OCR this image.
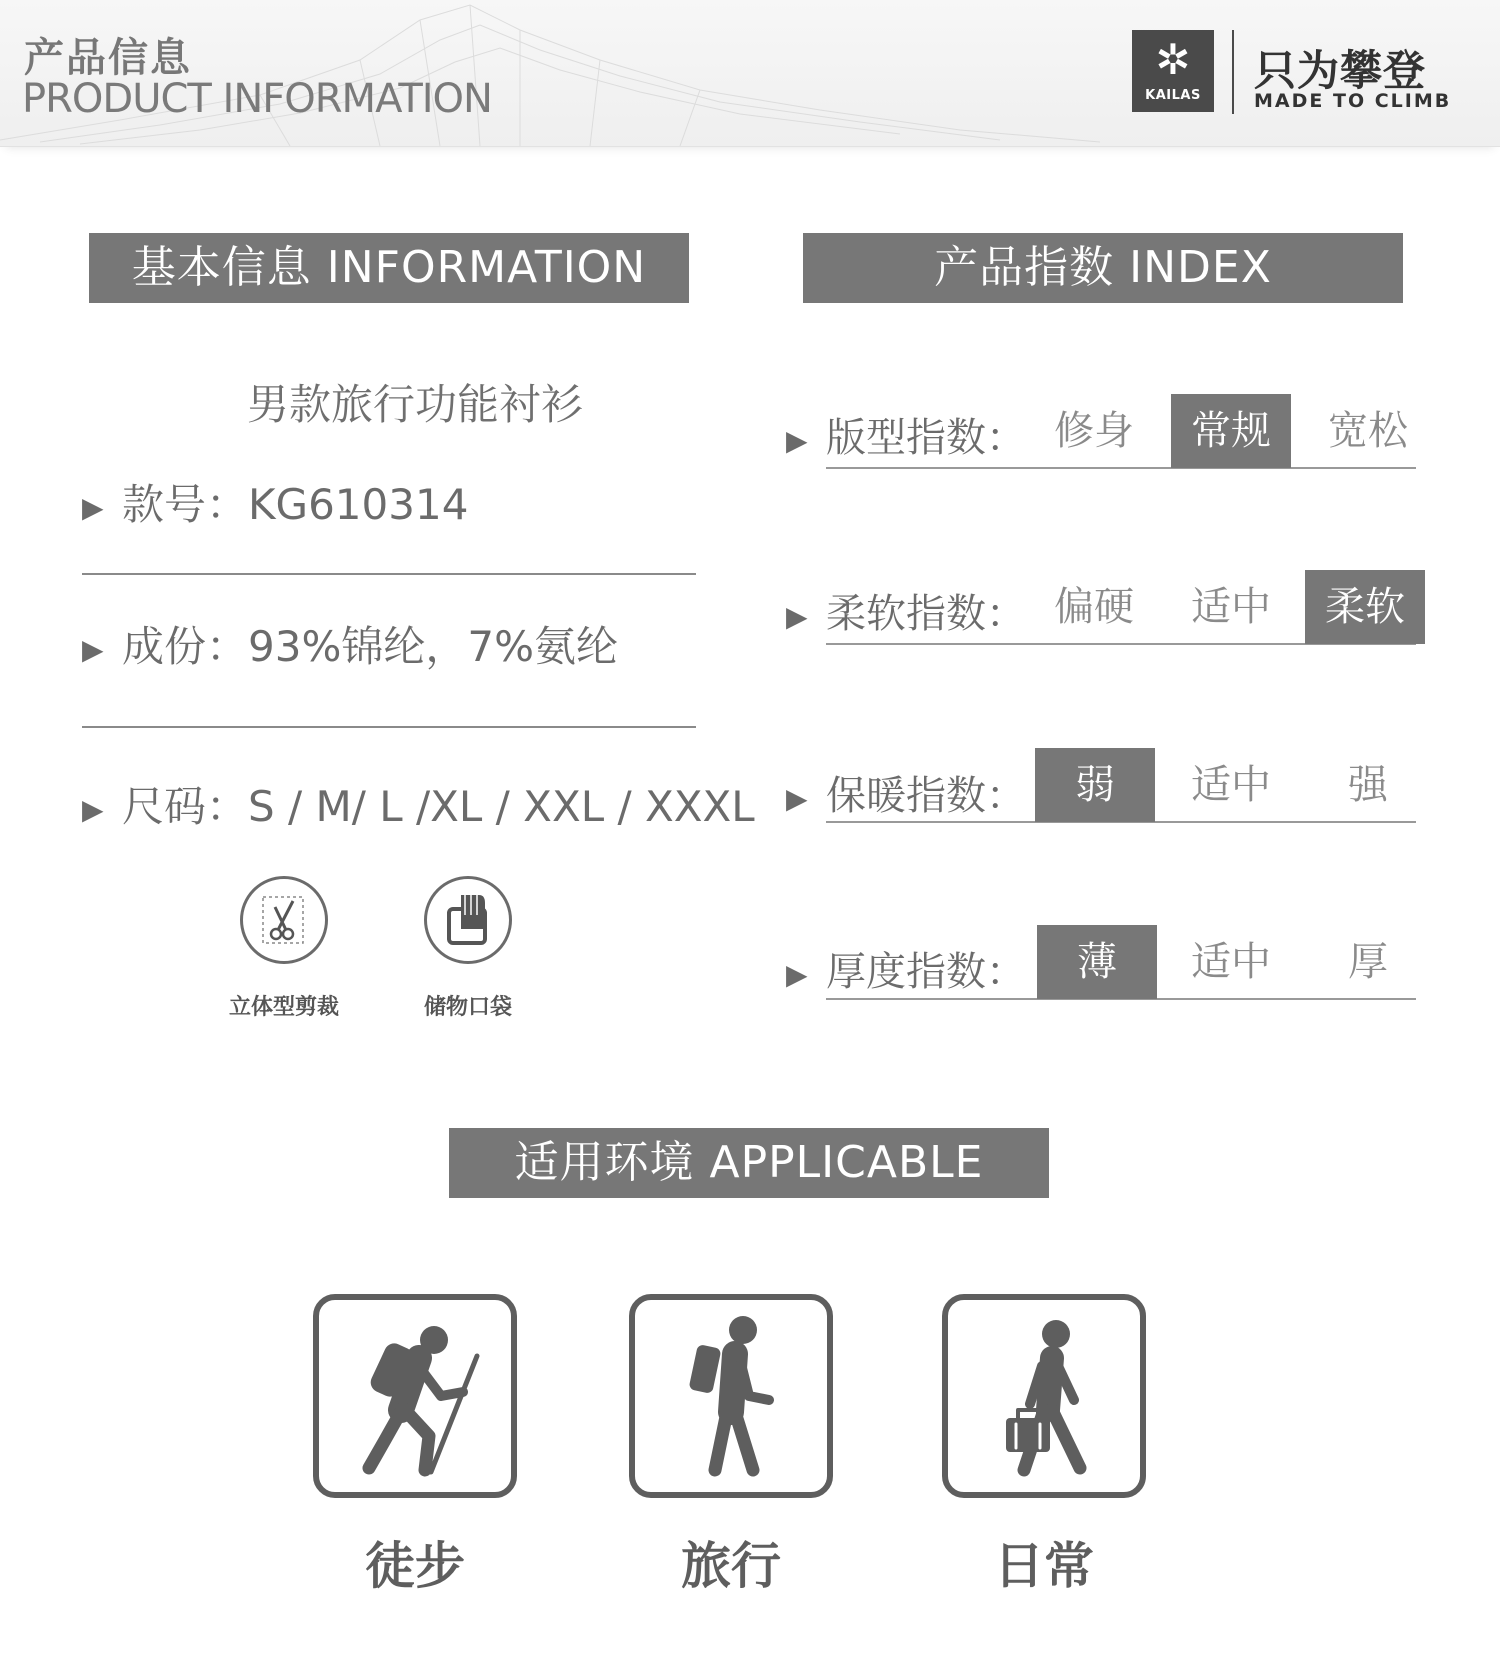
产品信息
PRODUCT INFORMATION
✲
KAILAS
只为攀登
MADE TO CLIMB
基本信息 INFORMATION	产品指数 INDEX
男款旅行功能衬衫
▶ 款号：KG610314
▶ 成份：93%锦纶，7%氨纶
▶ 尺码：S / M/ L /XL / XXL / XXXL
立体型剪裁	储物口袋
▶ 版型指数： 修身	常规	宽松
▶ 柔软指数： 偏硬	适中	柔软
▶ 保暖指数：	弱	适中	强
▶ 厚度指数：	薄	适中	厚
适用环境 APPLICABLE
徒步	旅行	日常
